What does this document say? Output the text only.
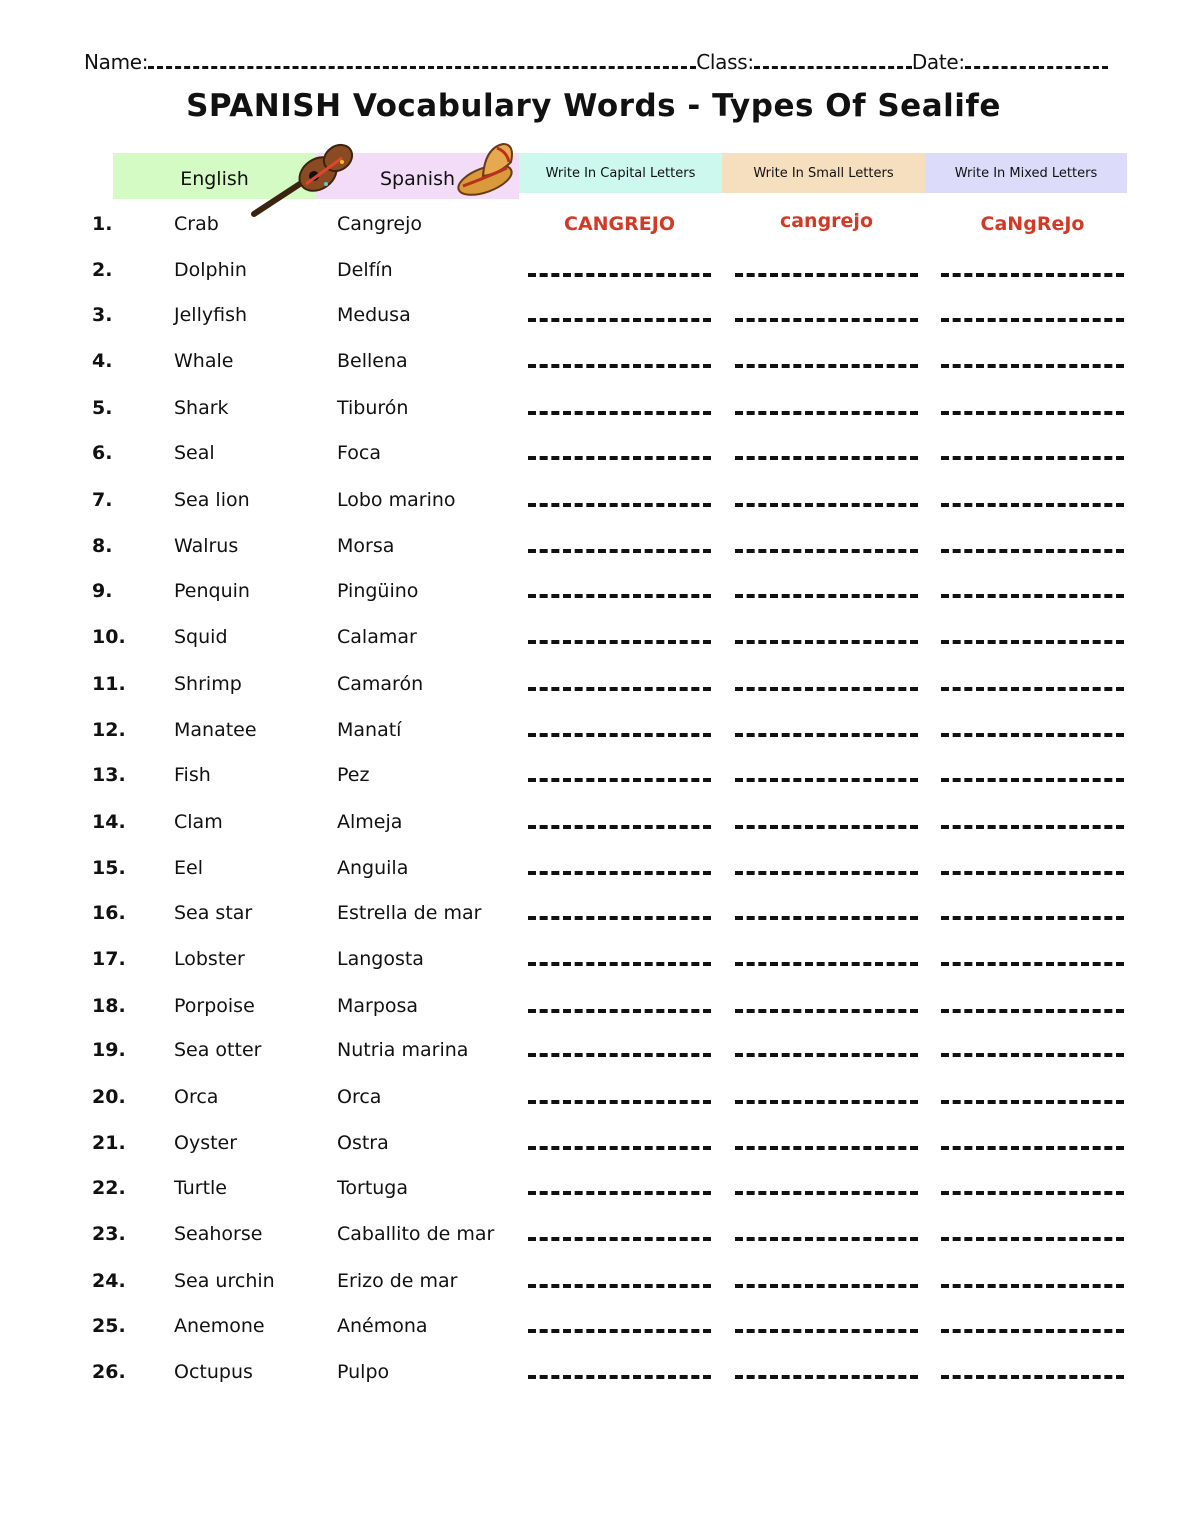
Name:	Class:	Date:
SPANISH Vocabulary Words - Types Of Sealife
English	Spanish	Write In Capital Letters	Write In Small Letters	Write In Mixed Letters
1.	Crab	Cangrejo	CANGREJO	cangrejo	CaNgReJo
2.	Dolphin	Delfín
3.	Jellyfish	Medusa
4.	Whale	Bellena
5.	Shark	Tiburón
6.	Seal	Foca
7.	Sea lion	Lobo marino
8.	Walrus	Morsa
9.	Penquin	Pingüino
10.	Squid	Calamar
11.	Shrimp	Camarón
12.	Manatee	Manatí
13.	Fish	Pez
14.	Clam	Almeja
15.	Eel	Anguila
16.	Sea star	Estrella de mar
17.	Lobster	Langosta
18.	Porpoise	Marposa
19.	Sea otter	Nutria marina
20.	Orca	Orca
21.	Oyster	Ostra
22.	Turtle	Tortuga
23.	Seahorse	Caballito de mar
24.	Sea urchin	Erizo de mar
25.	Anemone	Anémona
26.	Octupus	Pulpo
